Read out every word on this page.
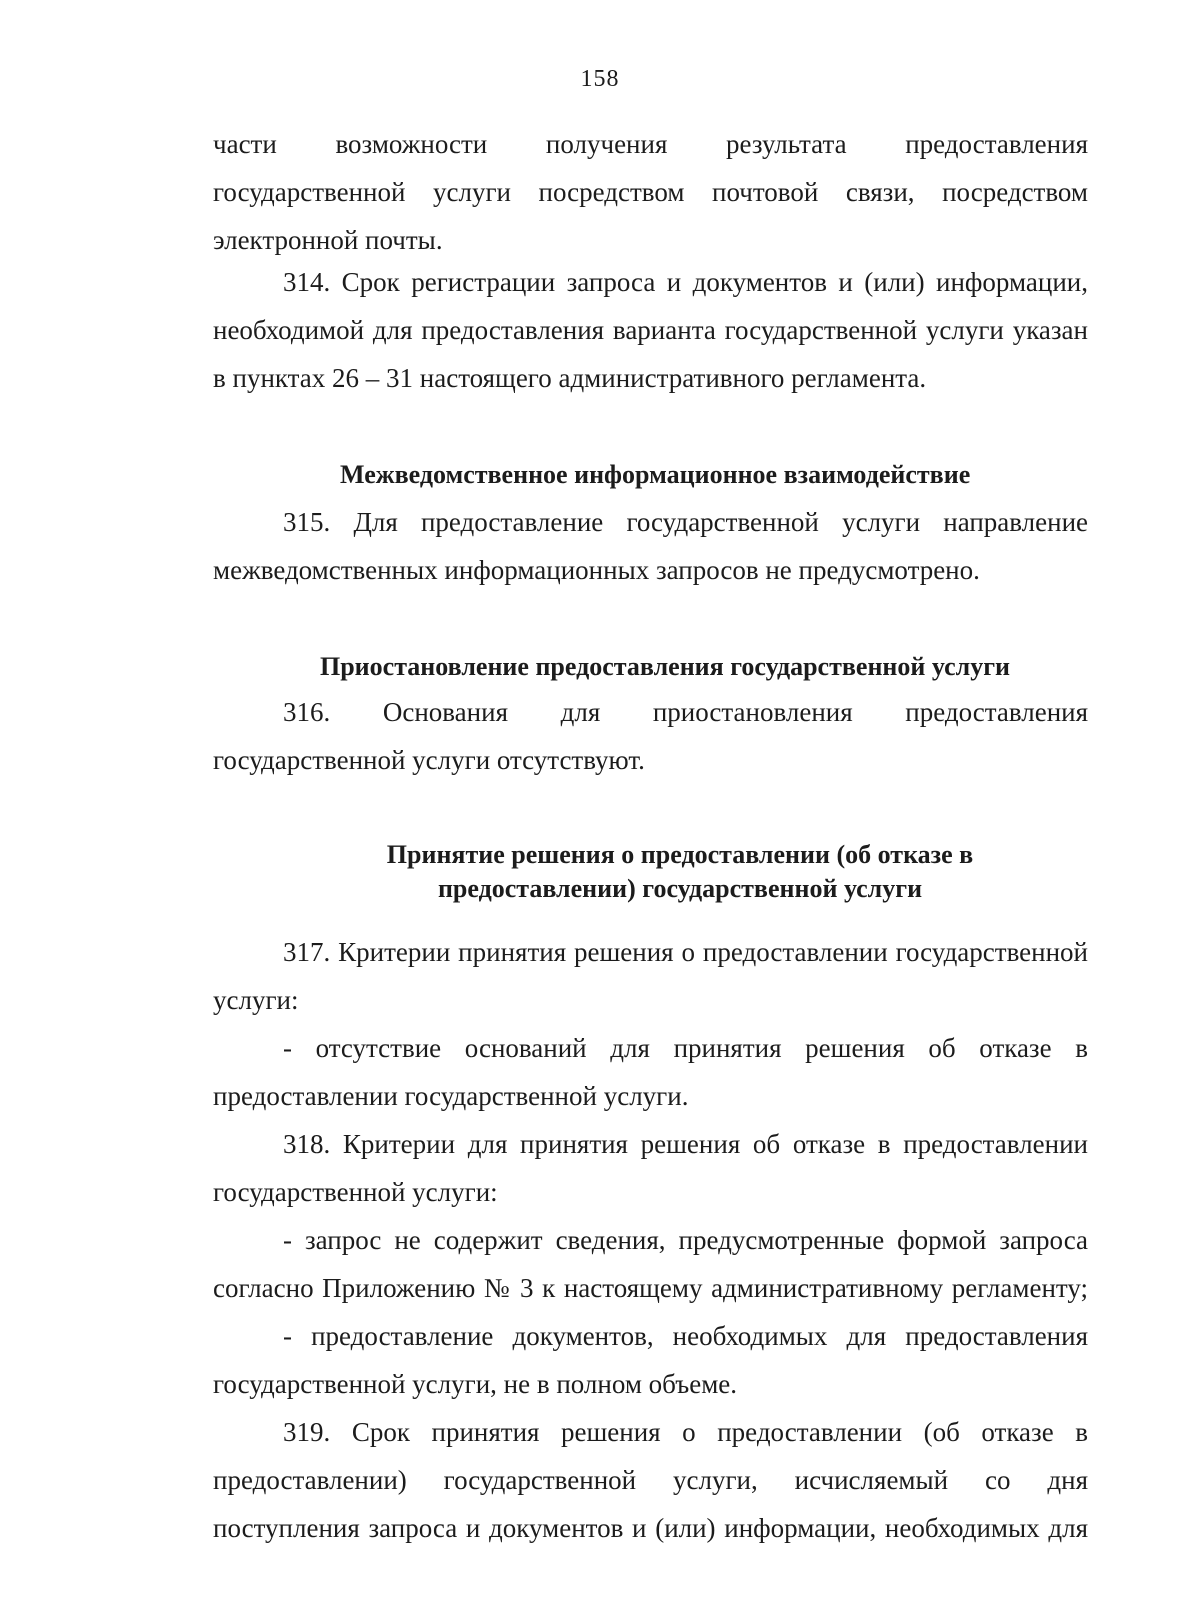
158
части возможности получения результата предоставления
государственной услуги посредством почтовой связи, посредством
электронной почты.
314. Срок регистрации запроса и документов и (или) информации,
необходимой для предоставления варианта государственной услуги указан
в пунктах 26 – 31 настоящего административного регламента.
Межведомственное информационное взаимодействие
315. Для предоставление государственной услуги направление
межведомственных информационных запросов не предусмотрено.
Приостановление предоставления государственной услуги
316. Основания для приостановления предоставления
государственной услуги отсутствуют.
Принятие решения о предоставлении (об отказе в
предоставлении) государственной услуги
317. Критерии принятия решения о предоставлении государственной
услуги:
- отсутствие оснований для принятия решения об отказе в
предоставлении государственной услуги.
318. Критерии для принятия решения об отказе в предоставлении
государственной услуги:
- запрос не содержит сведения, предусмотренные формой запроса
согласно Приложению № 3 к настоящему административному регламенту;
- предоставление документов, необходимых для предоставления
государственной услуги, не в полном объеме.
319. Срок принятия решения о предоставлении (об отказе в
предоставлении) государственной услуги, исчисляемый со дня
поступления запроса и документов и (или) информации, необходимых для
